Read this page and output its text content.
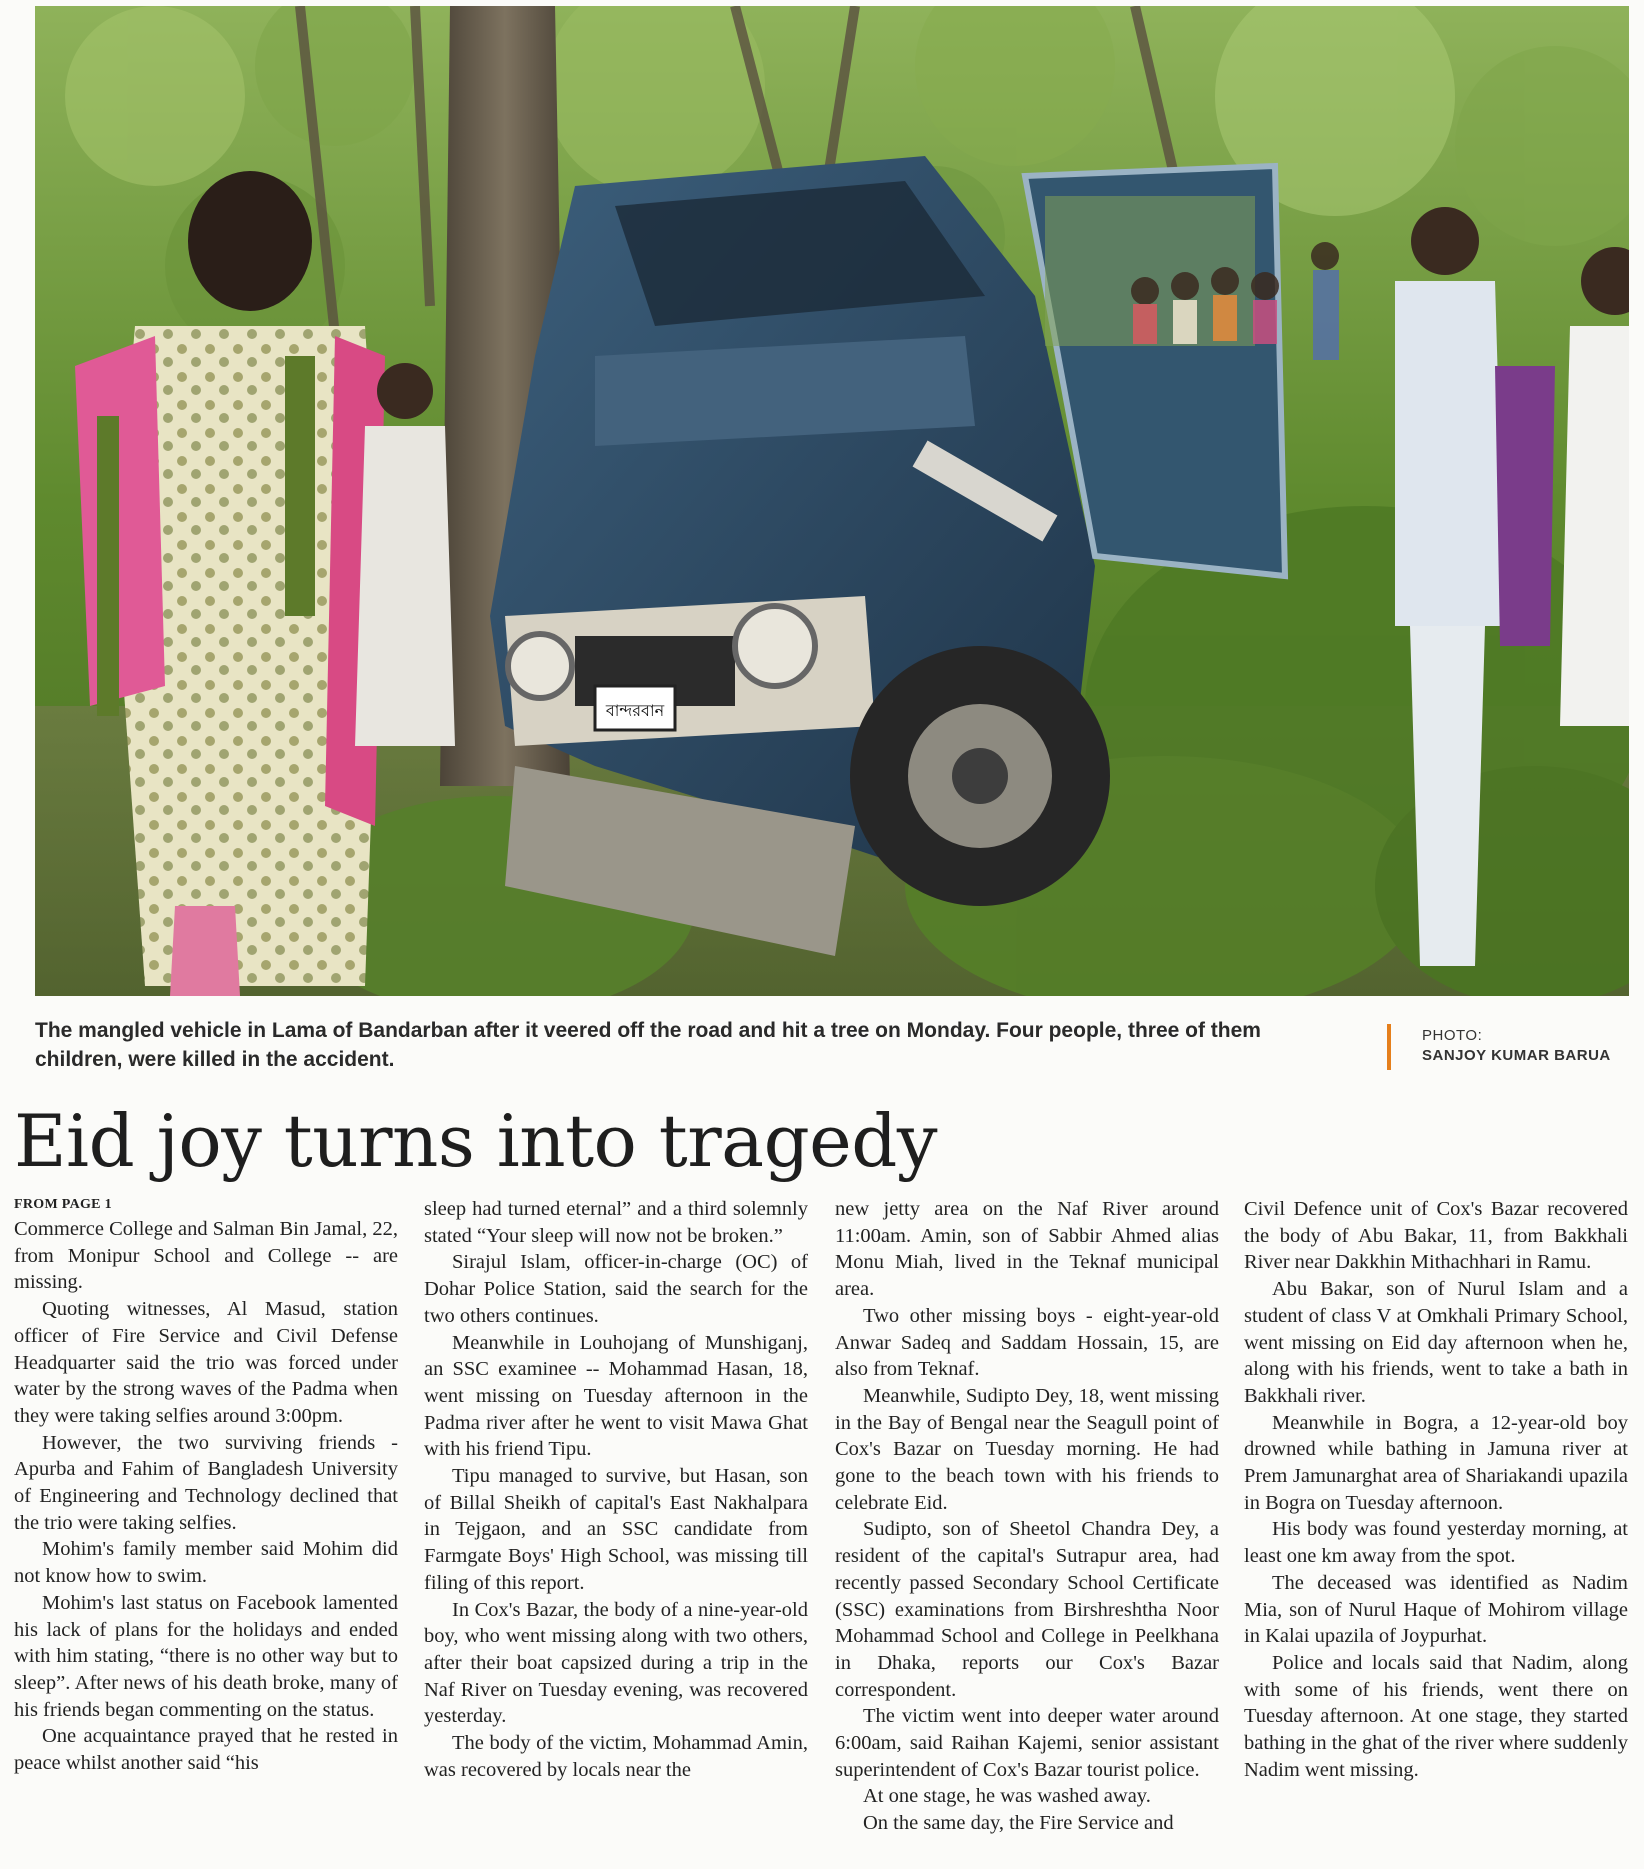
বান্দরবান
The mangled vehicle in Lama of Bandarban after it veered off the road and hit a tree on Monday. Four people, three of them children, were killed in the accident.
PHOTO:
SANJOY KUMAR BARUA
Eid joy turns into tragedy
FROM PAGE 1

Commerce College and Salman Bin Jamal, 22, from Monipur School and College -- are missing.

Quoting witnesses, Al Masud, station officer of Fire Service and Civil Defense Headquarter said the trio was forced under water by the strong waves of the Padma when they were taking selfies around 3:00pm.

However, the two surviving friends - Apurba and Fahim of Bangladesh University of Engineering and Technology declined that the trio were taking selfies.

Mohim's family member said Mohim did not know how to swim.

Mohim's last status on Facebook lamented his lack of plans for the holidays and ended with him stating, “there is no other way but to sleep”. After news of his death broke, many of his friends began commenting on the status.

One acquaintance prayed that he rested in peace whilst another said “his

sleep had turned eternal” and a third solemnly stated “Your sleep will now not be broken.”

Sirajul Islam, officer-in-charge (OC) of Dohar Police Station, said the search for the two others continues.

Meanwhile in Louhojang of Munshiganj, an SSC examinee -- Mohammad Hasan, 18, went missing on Tuesday afternoon in the Padma river after he went to visit Mawa Ghat with his friend Tipu.

Tipu managed to survive, but Hasan, son of Billal Sheikh of capital's East Nakhalpara in Tejgaon, and an SSC candidate from Farmgate Boys' High School, was missing till filing of this report.

In Cox's Bazar, the body of a nine-year-old boy, who went missing along with two others, after their boat capsized during a trip in the Naf River on Tuesday evening, was recovered yesterday.

The body of the victim, Mohammad Amin, was recovered by locals near the

new jetty area on the Naf River around 11:00am. Amin, son of Sabbir Ahmed alias Monu Miah, lived in the Teknaf municipal area.

Two other missing boys - eight-year-old Anwar Sadeq and Saddam Hossain, 15, are also from Teknaf.

Meanwhile, Sudipto Dey, 18, went missing in the Bay of Bengal near the Seagull point of Cox's Bazar on Tuesday morning. He had gone to the beach town with his friends to celebrate Eid.

Sudipto, son of Sheetol Chandra Dey, a resident of the capital's Sutrapur area, had recently passed Secondary School Certificate (SSC) examinations from Birshreshtha Noor Mohammad School and College in Peelkhana in Dhaka, reports our Cox's Bazar correspondent.

The victim went into deeper water around 6:00am, said Raihan Kajemi, senior assistant superintendent of Cox's Bazar tourist police.

At one stage, he was washed away.

On the same day, the Fire Service and

Civil Defence unit of Cox's Bazar recovered the body of Abu Bakar, 11, from Bakkhali River near Dakkhin Mithachhari in Ramu.

Abu Bakar, son of Nurul Islam and a student of class V at Omkhali Primary School, went missing on Eid day afternoon when he, along with his friends, went to take a bath in Bakkhali river.

Meanwhile in Bogra, a 12-year-old boy drowned while bathing in Jamuna river at Prem Jamunarghat area of Shariakandi upazila in Bogra on Tuesday afternoon.

His body was found yesterday morning, at least one km away from the spot.

The deceased was identified as Nadim Mia, son of Nurul Haque of Mohirom village in Kalai upazila of Joypurhat.

Police and locals said that Nadim, along with some of his friends, went there on Tuesday afternoon. At one stage, they started bathing in the ghat of the river where suddenly Nadim went missing.
